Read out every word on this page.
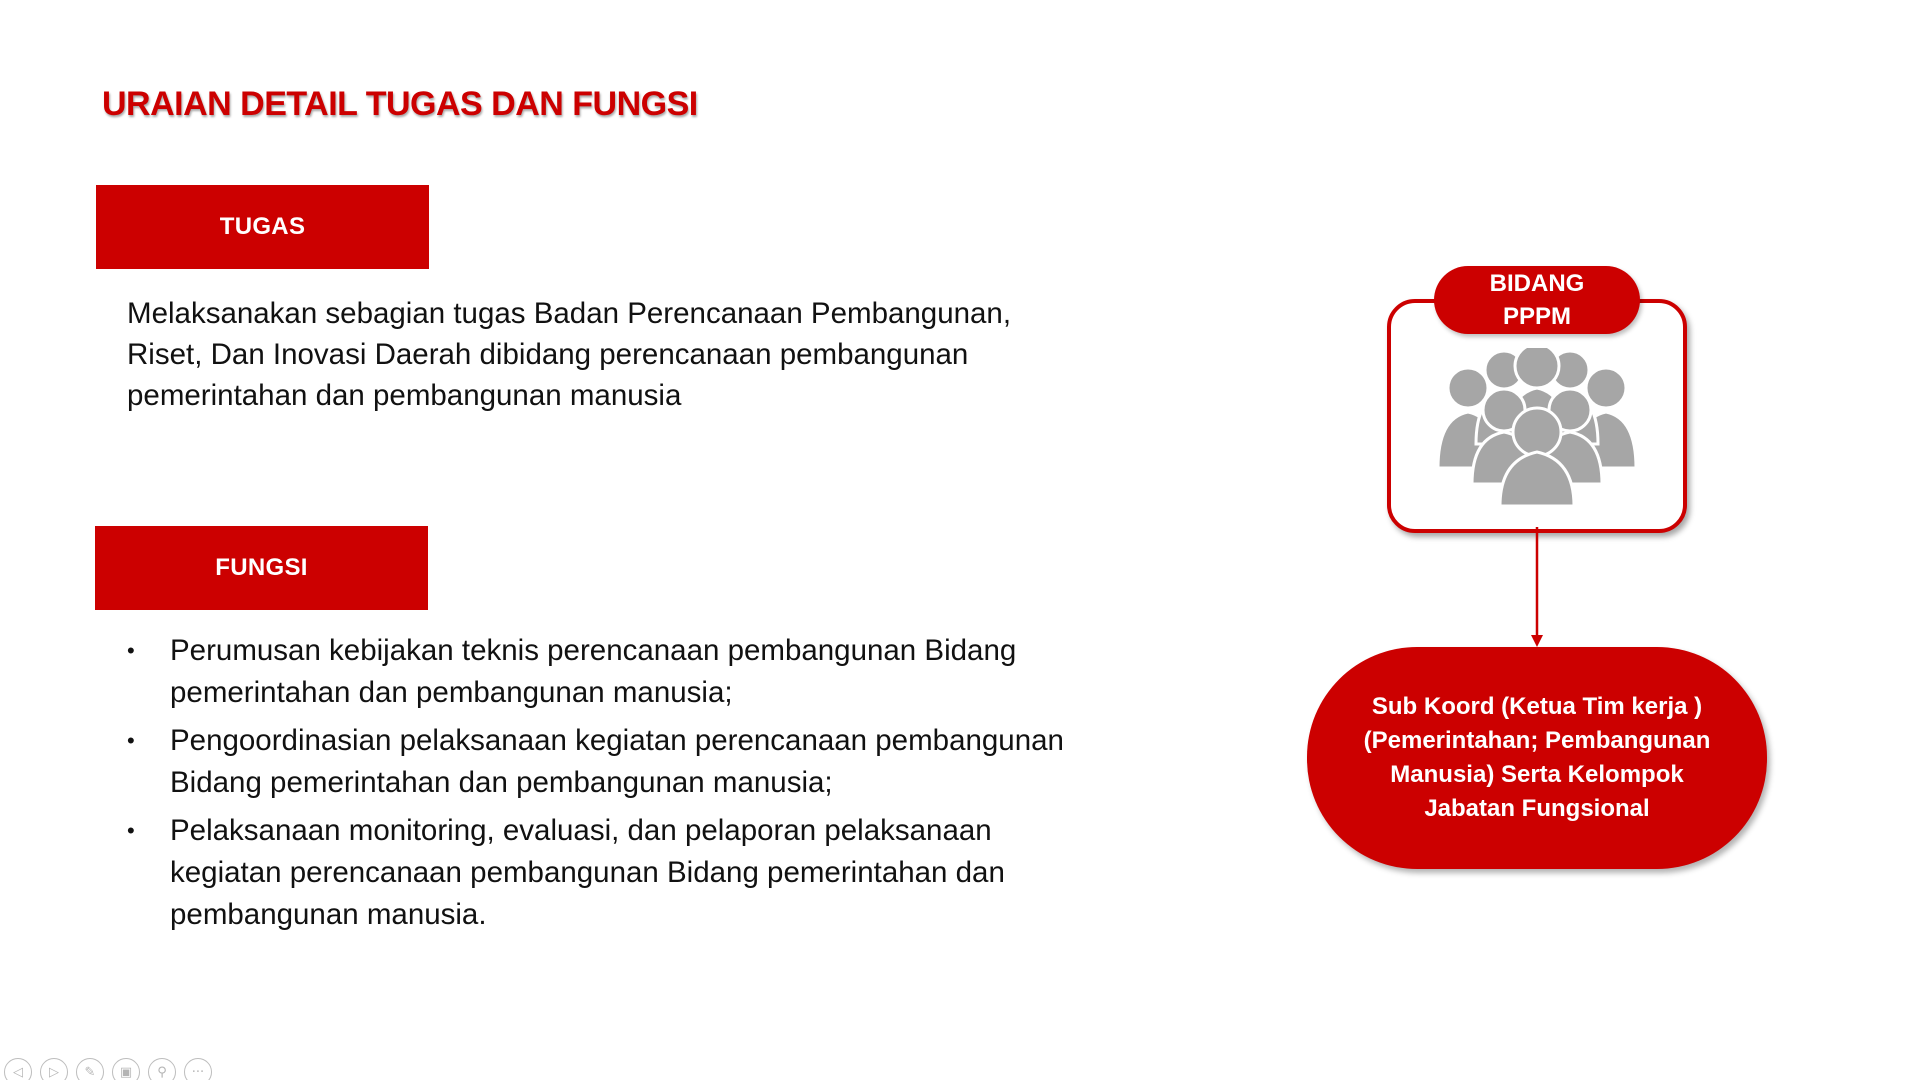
URAIAN DETAIL TUGAS DAN FUNGSI
TUGAS
Melaksanakan sebagian tugas Badan Perencanaan Pembangunan, Riset, Dan Inovasi Daerah dibidang perencanaan pembangunan pemerintahan dan pembangunan manusia
FUNGSI
• Perumusan kebijakan teknis perencanaan pembangunan Bidang pemerintahan dan pembangunan manusia;
• Pengoordinasian pelaksanaan kegiatan perencanaan pembangunan Bidang pemerintahan dan pembangunan manusia;
• Pelaksanaan monitoring, evaluasi, dan pelaporan pelaksanaan kegiatan perencanaan pembangunan Bidang pemerintahan dan pembangunan manusia.
BIDANG
PPPM
Sub Koord (Ketua Tim kerja ) (Pemerintahan; Pembangunan Manusia) Serta Kelompok Jabatan Fungsional
◁	▷	✎	▣	⚲	···
